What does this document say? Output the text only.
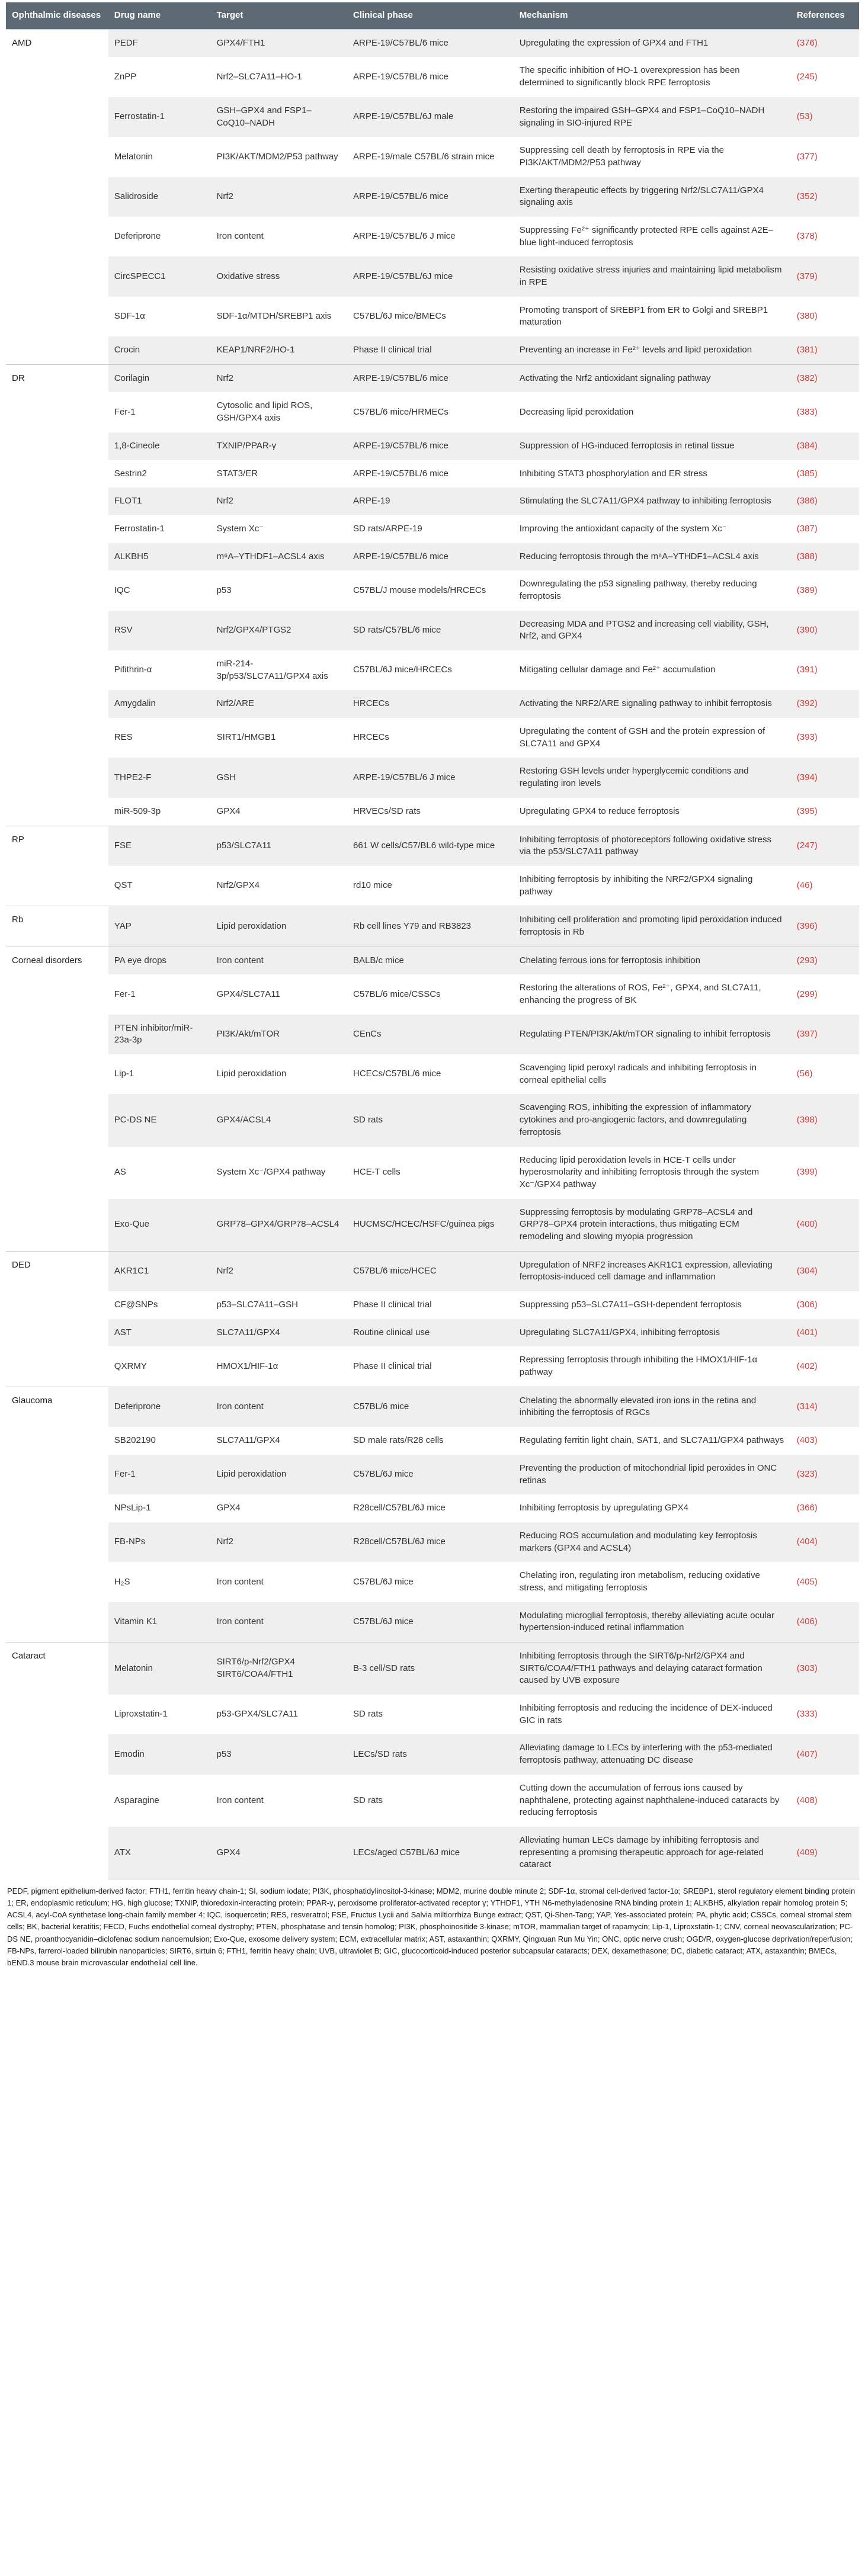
Ophthalmic diseases	Drug name	Target	Clinical phase	Mechanism	References
AMD	PEDF	GPX4/FTH1	ARPE-19/C57BL/6 mice	Upregulating the expression of GPX4 and FTH1	(376)
	ZnPP	Nrf2–SLC7A11–HO-1	ARPE-19/C57BL/6 mice	The specific inhibition of HO-1 overexpression has been determined to significantly block RPE ferroptosis	(245)
	Ferrostatin-1	GSH–GPX4 and FSP1–CoQ10–NADH	ARPE-19/C57BL/6J male	Restoring the impaired GSH–GPX4 and FSP1–CoQ10–NADH signaling in SIO-injured RPE	(53)
	Melatonin	PI3K/AKT/MDM2/P53 pathway	ARPE-19/male C57BL/6 strain mice	Suppressing cell death by ferroptosis in RPE via the PI3K/AKT/MDM2/P53 pathway	(377)
	Salidroside	Nrf2	ARPE-19/C57BL/6 mice	Exerting therapeutic effects by triggering Nrf2/SLC7A11/GPX4 signaling axis	(352)
	Deferiprone	Iron content	ARPE-19/C57BL/6 J mice	Suppressing Fe²⁺ significantly protected RPE cells against A2E–blue light-induced ferroptosis	(378)
	CircSPECC1	Oxidative stress	ARPE-19/C57BL/6J mice	Resisting oxidative stress injuries and maintaining lipid metabolism in RPE	(379)
	SDF-1α	SDF-1α/MTDH/SREBP1 axis	C57BL/6J mice/BMECs	Promoting transport of SREBP1 from ER to Golgi and SREBP1 maturation	(380)
	Crocin	KEAP1/NRF2/HO-1	Phase II clinical trial	Preventing an increase in Fe²⁺ levels and lipid peroxidation	(381)
DR	Corilagin	Nrf2	ARPE-19/C57BL/6 mice	Activating the Nrf2 antioxidant signaling pathway	(382)
	Fer-1	Cytosolic and lipid ROS, GSH/GPX4 axis	C57BL/6 mice/HRMECs	Decreasing lipid peroxidation	(383)
	1,8-Cineole	TXNIP/PPAR-γ	ARPE-19/C57BL/6 mice	Suppression of HG-induced ferroptosis in retinal tissue	(384)
	Sestrin2	STAT3/ER	ARPE-19/C57BL/6 mice	Inhibiting STAT3 phosphorylation and ER stress	(385)
	FLOT1	Nrf2	ARPE-19	Stimulating the SLC7A11/GPX4 pathway to inhibiting ferroptosis	(386)
	Ferrostatin-1	System Xc⁻	SD rats/ARPE-19	Improving the antioxidant capacity of the system Xc⁻	(387)
	ALKBH5	m⁶A–YTHDF1–ACSL4 axis	ARPE-19/C57BL/6 mice	Reducing ferroptosis through the m⁶A–YTHDF1–ACSL4 axis	(388)
	IQC	p53	C57BL/J mouse models/HRCECs	Downregulating the p53 signaling pathway, thereby reducing ferroptosis	(389)
	RSV	Nrf2/GPX4/PTGS2	SD rats/C57BL/6 mice	Decreasing MDA and PTGS2 and increasing cell viability, GSH, Nrf2, and GPX4	(390)
	Pifithrin-α	miR-214-3p/p53/SLC7A11/GPX4 axis	C57BL/6J mice/HRCECs	Mitigating cellular damage and Fe²⁺ accumulation	(391)
	Amygdalin	Nrf2/ARE	HRCECs	Activating the NRF2/ARE signaling pathway to inhibit ferroptosis	(392)
	RES	SIRT1/HMGB1	HRCECs	Upregulating the content of GSH and the protein expression of SLC7A11 and GPX4	(393)
	THPE2-F	GSH	ARPE-19/C57BL/6 J mice	Restoring GSH levels under hyperglycemic conditions and regulating iron levels	(394)
	miR-509-3p	GPX4	HRVECs/SD rats	Upregulating GPX4 to reduce ferroptosis	(395)
RP	FSE	p53/SLC7A11	661 W cells/C57/BL6 wild-type mice	Inhibiting ferroptosis of photoreceptors following oxidative stress via the p53/SLC7A11 pathway	(247)
	QST	Nrf2/GPX4	rd10 mice	Inhibiting ferroptosis by inhibiting the NRF2/GPX4 signaling pathway	(46)
Rb	YAP	Lipid peroxidation	Rb cell lines Y79 and RB3823	Inhibiting cell proliferation and promoting lipid peroxidation induced ferroptosis in Rb	(396)
Corneal disorders	PA eye drops	Iron content	BALB/c mice	Chelating ferrous ions for ferroptosis inhibition	(293)
	Fer-1	GPX4/SLC7A11	C57BL/6 mice/CSSCs	Restoring the alterations of ROS, Fe²⁺, GPX4, and SLC7A11, enhancing the progress of BK	(299)
	PTEN inhibitor/miR-23a-3p	PI3K/Akt/mTOR	CEnCs	Regulating PTEN/PI3K/Akt/mTOR signaling to inhibit ferroptosis	(397)
	Lip-1	Lipid peroxidation	HCECs/C57BL/6 mice	Scavenging lipid peroxyl radicals and inhibiting ferroptosis in corneal epithelial cells	(56)
	PC-DS NE	GPX4/ACSL4	SD rats	Scavenging ROS, inhibiting the expression of inflammatory cytokines and pro-angiogenic factors, and downregulating ferroptosis	(398)
	AS	System Xc⁻/GPX4 pathway	HCE-T cells	Reducing lipid peroxidation levels in HCE-T cells under hyperosmolarity and inhibiting ferroptosis through the system Xc⁻/GPX4 pathway	(399)
	Exo-Que	GRP78–GPX4/GRP78–ACSL4	HUCMSC/HCEC/HSFC/guinea pigs	Suppressing ferroptosis by modulating GRP78–ACSL4 and GRP78–GPX4 protein interactions, thus mitigating ECM remodeling and slowing myopia progression	(400)
DED	AKR1C1	Nrf2	C57BL/6 mice/HCEC	Upregulation of NRF2 increases AKR1C1 expression, alleviating ferroptosis-induced cell damage and inflammation	(304)
	CF@SNPs	p53–SLC7A11–GSH	Phase II clinical trial	Suppressing p53–SLC7A11–GSH-dependent ferroptosis	(306)
	AST	SLC7A11/GPX4	Routine clinical use	Upregulating SLC7A11/GPX4, inhibiting ferroptosis	(401)
	QXRMY	HMOX1/HIF-1α	Phase II clinical trial	Repressing ferroptosis through inhibiting the HMOX1/HIF-1α pathway	(402)
Glaucoma	Deferiprone	Iron content	C57BL/6 mice	Chelating the abnormally elevated iron ions in the retina and inhibiting the ferroptosis of RGCs	(314)
	SB202190	SLC7A11/GPX4	SD male rats/R28 cells	Regulating ferritin light chain, SAT1, and SLC7A11/GPX4 pathways	(403)
	Fer-1	Lipid peroxidation	C57BL/6J mice	Preventing the production of mitochondrial lipid peroxides in ONC retinas	(323)
	NPsLip-1	GPX4	R28cell/C57BL/6J mice	Inhibiting ferroptosis by upregulating GPX4	(366)
	FB-NPs	Nrf2	R28cell/C57BL/6J mice	Reducing ROS accumulation and modulating key ferroptosis markers (GPX4 and ACSL4)	(404)
	H₂S	Iron content	C57BL/6J mice	Chelating iron, regulating iron metabolism, reducing oxidative stress, and mitigating ferroptosis	(405)
	Vitamin K1	Iron content	C57BL/6J mice	Modulating microglial ferroptosis, thereby alleviating acute ocular hypertension-induced retinal inflammation	(406)
Cataract	Melatonin	SIRT6/p-Nrf2/GPX4 SIRT6/COA4/FTH1	B-3 cell/SD rats	Inhibiting ferroptosis through the SIRT6/p-Nrf2/GPX4 and SIRT6/COA4/FTH1 pathways and delaying cataract formation caused by UVB exposure	(303)
	Liproxstatin-1	p53-GPX4/SLC7A11	SD rats	Inhibiting ferroptosis and reducing the incidence of DEX-induced GIC in rats	(333)
	Emodin	p53	LECs/SD rats	Alleviating damage to LECs by interfering with the p53-mediated ferroptosis pathway, attenuating DC disease	(407)
	Asparagine	Iron content	SD rats	Cutting down the accumulation of ferrous ions caused by naphthalene, protecting against naphthalene-induced cataracts by reducing ferroptosis	(408)
	ATX	GPX4	LECs/aged C57BL/6J mice	Alleviating human LECs damage by inhibiting ferroptosis and representing a promising therapeutic approach for age-related cataract	(409)

PEDF, pigment epithelium-derived factor; FTH1, ferritin heavy chain-1; SI, sodium iodate; PI3K, phosphatidylinositol-3-kinase; MDM2, murine double minute 2; SDF-1α, stromal cell-derived factor-1α; SREBP1, sterol regulatory element binding protein 1; ER, endoplasmic reticulum; HG, high glucose; TXNIP, thioredoxin-interacting protein; PPAR-γ, peroxisome proliferator-activated receptor γ; YTHDF1, YTH N6-methyladenosine RNA binding protein 1; ALKBH5, alkylation repair homolog protein 5; ACSL4, acyl-CoA synthetase long-chain family member 4; IQC, isoquercetin; RES, resveratrol; FSE, Fructus Lycii and Salvia miltiorrhiza Bunge extract; QST, Qi-Shen-Tang; YAP, Yes-associated protein; PA, phytic acid; CSSCs, corneal stromal stem cells; BK, bacterial keratitis; FECD, Fuchs endothelial corneal dystrophy; PTEN, phosphatase and tensin homolog; PI3K, phosphoinositide 3-kinase; mTOR, mammalian target of rapamycin; Lip-1, Liproxstatin-1; CNV, corneal neovascularization; PC-DS NE, proanthocyanidin–diclofenac sodium nanoemulsion; Exo-Que, exosome delivery system; ECM, extracellular matrix; AST, astaxanthin; QXRMY, Qingxuan Run Mu Yin; ONC, optic nerve crush; OGD/R, oxygen-glucose deprivation/reperfusion; FB-NPs, farrerol-loaded bilirubin nanoparticles; SIRT6, sirtuin 6; FTH1, ferritin heavy chain; UVB, ultraviolet B; GIC, glucocorticoid-induced posterior subcapsular cataracts; DEX, dexamethasone; DC, diabetic cataract; ATX, astaxanthin; BMECs, bEND.3 mouse brain microvascular endothelial cell line.
